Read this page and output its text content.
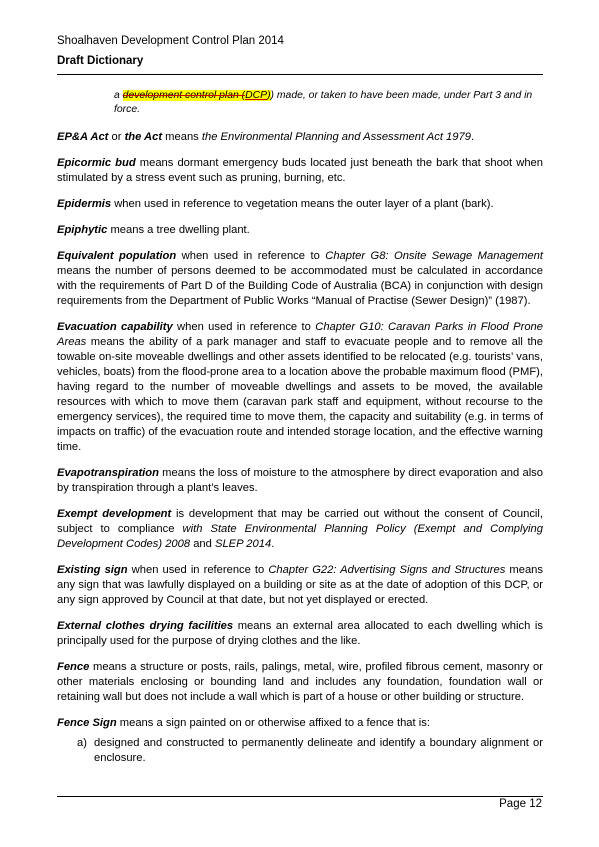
Shoalhaven Development Control Plan 2014
Draft Dictionary

a development control plan (DCP)) made, or taken to have been made, under Part 3 and in force.

EP&A Act or the Act means the Environmental Planning and Assessment Act 1979.

Epicormic bud means dormant emergency buds located just beneath the bark that shoot when stimulated by a stress event such as pruning, burning, etc.

Epidermis when used in reference to vegetation means the outer layer of a plant (bark).

Epiphytic means a tree dwelling plant.

Equivalent population when used in reference to Chapter G8: Onsite Sewage Management means the number of persons deemed to be accommodated must be calculated in accordance with the requirements of Part D of the Building Code of Australia (BCA) in conjunction with design requirements from the Department of Public Works “Manual of Practise (Sewer Design)” (1987).

Evacuation capability when used in reference to Chapter G10: Caravan Parks in Flood Prone Areas means the ability of a park manager and staff to evacuate people and to remove all the towable on-site moveable dwellings and other assets identified to be relocated (e.g. tourists’ vans, vehicles, boats) from the flood-prone area to a location above the probable maximum flood (PMF), having regard to the number of moveable dwellings and assets to be moved, the available resources with which to move them (caravan park staff and equipment, without recourse to the emergency services), the required time to move them, the capacity and suitability (e.g. in terms of impacts on traffic) of the evacuation route and intended storage location, and the effective warning time.

Evapotranspiration means the loss of moisture to the atmosphere by direct evaporation and also by transpiration through a plant’s leaves.

Exempt development is development that may be carried out without the consent of Council, subject to compliance with State Environmental Planning Policy (Exempt and Complying Development Codes) 2008 and SLEP 2014.

Existing sign when used in reference to Chapter G22: Advertising Signs and Structures means any sign that was lawfully displayed on a building or site as at the date of adoption of this DCP, or any sign approved by Council at that date, but not yet displayed or erected.

External clothes drying facilities means an external area allocated to each dwelling which is principally used for the purpose of drying clothes and the like.

Fence means a structure or posts, rails, palings, metal, wire, profiled fibrous cement, masonry or other materials enclosing or bounding land and includes any foundation, foundation wall or retaining wall but does not include a wall which is part of a house or other building or structure.

Fence Sign means a sign painted on or otherwise affixed to a fence that is:

a) designed and constructed to permanently delineate and identify a boundary alignment or enclosure.
Page 12
